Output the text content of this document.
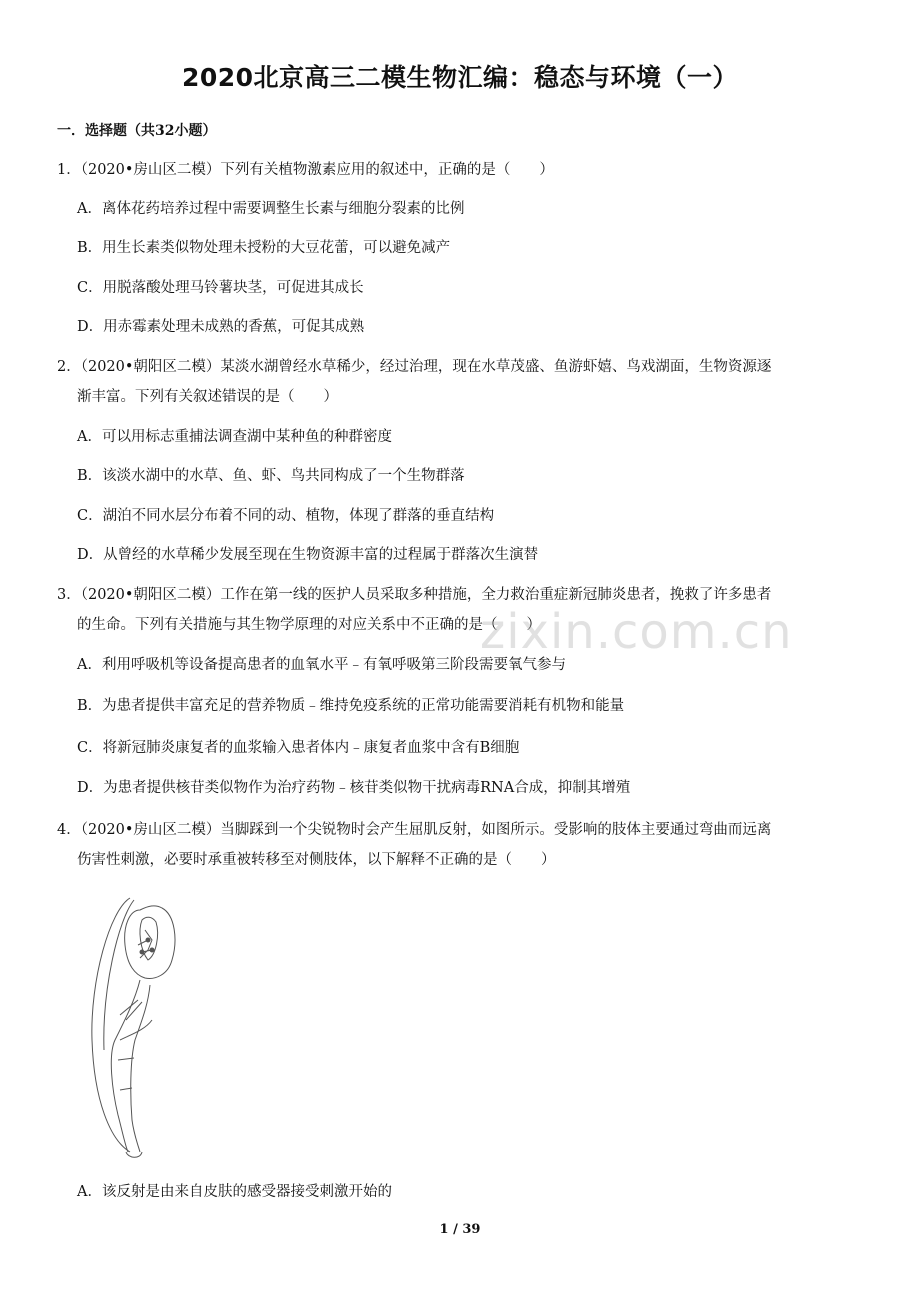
2020北京高三二模生物汇编：稳态与环境（一）
一．选择题（共32小题）
1．（2020•房山区二模）下列有关植物激素应用的叙述中，正确的是（　　）
A．离体花药培养过程中需要调整生长素与细胞分裂素的比例
B．用生长素类似物处理未授粉的大豆花蕾，可以避免减产
C．用脱落酸处理马铃薯块茎，可促进其成长
D．用赤霉素处理未成熟的香蕉，可促其成熟
2．（2020•朝阳区二模）某淡水湖曾经水草稀少，经过治理，现在水草茂盛、鱼游虾嬉、鸟戏湖面，生物资源逐
渐丰富。下列有关叙述错误的是（　　）
A．可以用标志重捕法调查湖中某种鱼的种群密度
B．该淡水湖中的水草、鱼、虾、鸟共同构成了一个生物群落
C．湖泊不同水层分布着不同的动、植物，体现了群落的垂直结构
D．从曾经的水草稀少发展至现在生物资源丰富的过程属于群落次生演替
3．（2020•朝阳区二模）工作在第一线的医护人员采取多种措施，全力救治重症新冠肺炎患者，挽救了许多患者
的生命。下列有关措施与其生物学原理的对应关系中不正确的是（　　）
A．利用呼吸机等设备提高患者的血氧水平﹣有氧呼吸第三阶段需要氧气参与
B．为患者提供丰富充足的营养物质﹣维持免疫系统的正常功能需要消耗有机物和能量
C．将新冠肺炎康复者的血浆输入患者体内﹣康复者血浆中含有B细胞
D．为患者提供核苷类似物作为治疗药物﹣核苷类似物干扰病毒RNA合成，抑制其增殖
4．（2020•房山区二模）当脚踩到一个尖锐物时会产生屈肌反射，如图所示。受影响的肢体主要通过弯曲而远离
伤害性刺激，必要时承重被转移至对侧肢体，以下解释不正确的是（　　）
A．该反射是由来自皮肤的感受器接受刺激开始的
zixin.com.cn
1 / 39
